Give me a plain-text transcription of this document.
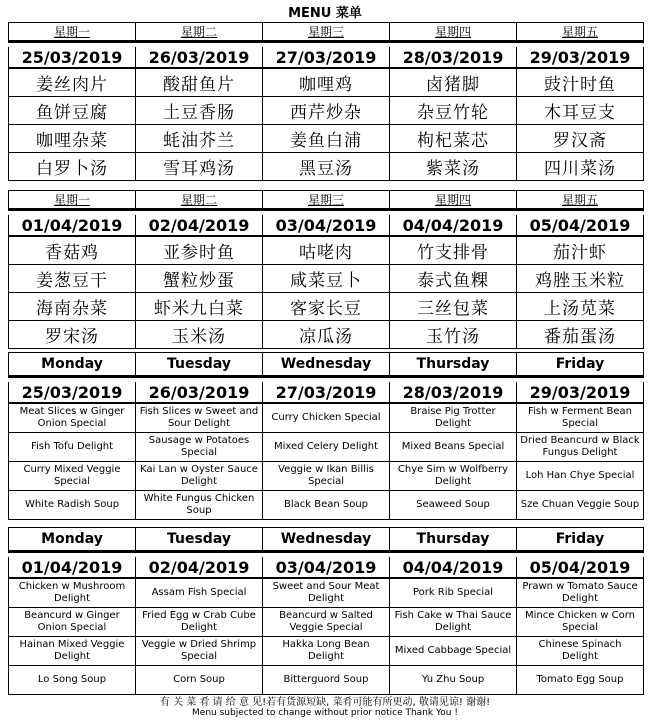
MENU 菜单
星期一	星期二	星期三	星期四	星期五

25/03/2019	26/03/2019	27/03/2019	28/03/2019	29/03/2019
姜丝肉片	酸甜鱼片	咖哩鸡	卤猪脚	豉汁时鱼
鱼饼豆腐	土豆香肠	西芹炒杂	杂豆竹轮	木耳豆支
咖哩杂菜	蚝油芥兰	姜鱼白浦	枸杞菜芯	罗汉斋
白罗卜汤	雪耳鸡汤	黑豆汤	紫菜汤	四川菜汤
星期一	星期二	星期三	星期四	星期五

01/04/2019	02/04/2019	03/04/2019	04/04/2019	05/04/2019
香菇鸡	亚参时鱼	咕咾肉	竹支排骨	茄汁虾
姜葱豆干	蟹粒炒蛋	咸菜豆卜	泰式鱼粿	鸡脞玉米粒
海南杂菜	虾米九白菜	客家长豆	三丝包菜	上汤苋菜
罗宋汤	玉米汤	凉瓜汤	玉竹汤	番茄蛋汤
Monday	Tuesday	Wednesday	Thursday	Friday

25/03/2019	26/03/2019	27/03/2019	28/03/2019	29/03/2019
Meat Slices w Ginger Onion Special	Fish Slices w Sweet and Sour Delight	Curry Chicken Special	Braise Pig Trotter Delight	Fish w Ferment Bean Special
Fish Tofu Delight	Sausage w Potatoes Special	Mixed Celery Delight	Mixed Beans Special	Dried Beancurd w Black Fungus Delight
Curry Mixed Veggie Special	Kai Lan w Oyster Sauce Delight	Veggie w Ikan Billis Special	Chye Sim w Wolfberry Delight	Loh Han Chye Special
White Radish Soup	White Fungus Chicken Soup	Black Bean Soup	Seaweed Soup	Sze Chuan Veggie Soup
Monday	Tuesday	Wednesday	Thursday	Friday

01/04/2019	02/04/2019	03/04/2019	04/04/2019	05/04/2019
Chicken w Mushroom Delight	Assam Fish Special	Sweet and Sour Meat Delight	Pork Rib Special	Prawn w Tomato Sauce Delight
Beancurd w Ginger Onion Special	Fried Egg w Crab Cube Delight	Beancurd w Salted Veggie Special	Fish Cake w Thai Sauce Delight	Mince Chicken w Corn Special
Hainan Mixed Veggie Delight	Veggie w Dried Shrimp Special	Hakka Long Bean Delight	Mixed Cabbage Special	Chinese Spinach Delight
Lo Song Soup	Corn Soup	Bitterguord Soup	Yu Zhu Soup	Tomato Egg Soup
有 关 菜 肴 请 给 意 见!若有货源短缺, 菜肴可能有所更动, 敬请见谅! 谢谢!
Menu subjected to change without prior notice Thank You !
